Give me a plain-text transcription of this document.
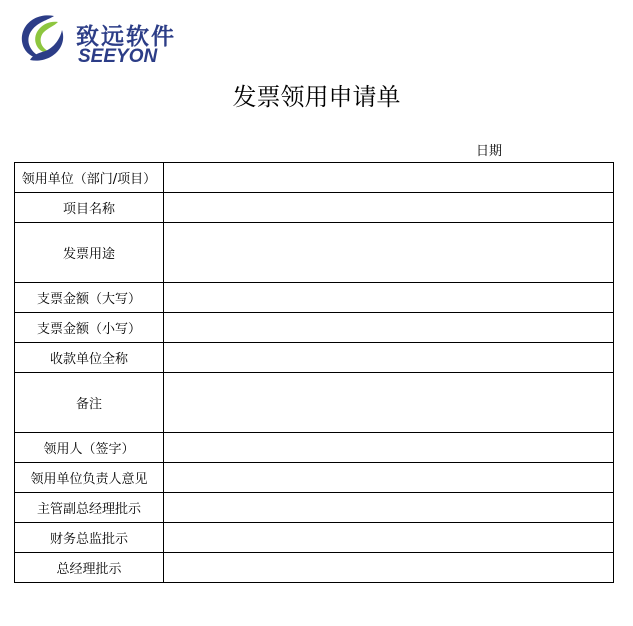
致远软件
SEEYON
发票领用申请单
日期
领用单位（部门/项目）	
项目名称	
发票用途	
支票金额（大写）	
支票金额（小写）	
收款单位全称	
备注	
领用人（签字）	
领用单位负责人意见	
主管副总经理批示	
财务总监批示	
总经理批示	
